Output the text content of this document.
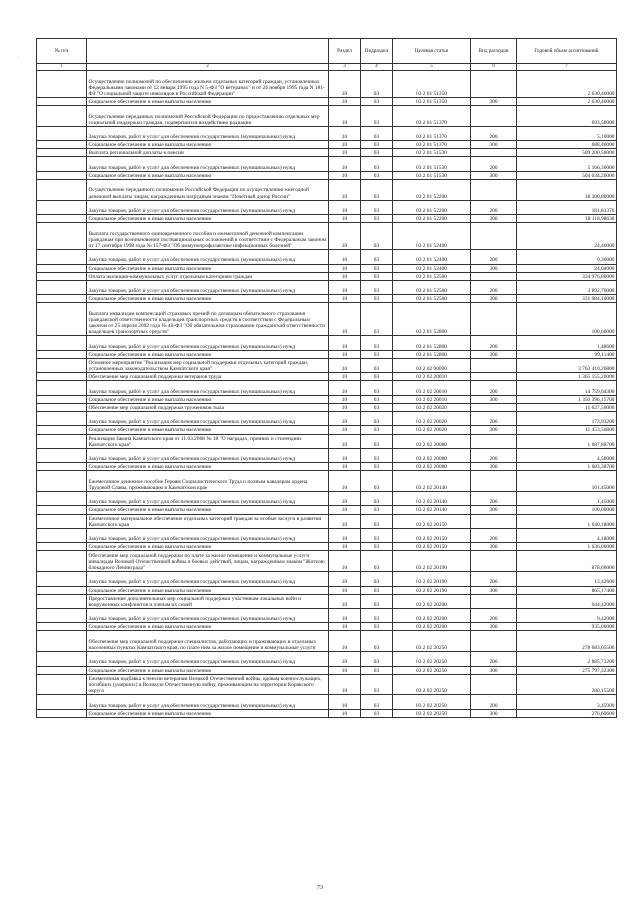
·
№ п/п		Раздел	Подраздел	Целевая статья	Вид расходов	Годовой объем ассигнований
1	2	3	4	5	6	7
	Осуществление полномочий по обеспечению жильем отдельных категорий граждан, установленных Федеральными законами от 12 января 1995 года N 5-ФЗ "О ветеранах" и от 24 ноября 1995 года N 181-ФЗ "О социальной защите инвалидов в Российской Федерации"	10	03	03 2 01 51350		2 630,40000
	Социальное обеспечение и иные выплаты населению	10	03	03 2 01 51350	300	2 630,40000
	Осуществление переданных полномочий Российской Федерации по предоставлению отдельных мер социальной поддержки граждан, подвергшихся воздействию радиации	10	03	03 2 01 51370		693,50000
	Закупка товаров, работ и услуг для обеспечения государственных (муниципальных) нужд	10	03	03 2 01 51370	200	5,10000
	Социальное обеспечение и иные выплаты населению	10	03	03 2 01 51370	300	688,40000
	Выплата региональной доплаты к пенсии	10	03	03 2 01 51530		509 200,50000
	Закупка товаров, работ и услуг для обеспечения государственных (муниципальных) нужд	10	03	03 2 01 51530	200	5 166,30000
	Социальное обеспечение и иные выплаты населению	10	03	03 2 01 51530	300	504 034,20000
	Осуществление переданного полномочия Российской Федерации по осуществлению ежегодной денежной выплаты лицам, награжденным нагрудным знаком "Почетный донор России"	10	03	03 2 01 52200		18 300,80000
	Закупка товаров, работ и услуг для обеспечения государственных (муниципальных) нужд	10	03	03 2 01 52200	200	181,81370
	Социальное обеспечение и иные выплаты населению	10	03	03 2 01 52200	300	18 118,98630
	Выплата государственного единовременного пособия и ежемесячной денежной компенсации гражданам при возникновении поствакцинальных осложнений в соответствии с Федеральным законом от 17 сентября 1998 года № 157-ФЗ "Об иммунопрофилактике инфекционных болезней"	10	03	03 2 01 52400		24,40000
	Закупка товаров, работ и услуг для обеспечения государственных (муниципальных) нужд	10	03	03 2 01 52400	200	0,36000
	Социальное обеспечение и иные выплаты населению	10	03	03 2 01 52400	300	24,04000
	Оплата жилищно-коммунальных услуг отдельным категориям граждан	10	03	03 2 01 52500		334 976,80000
	Закупка товаров, работ и услуг для обеспечения государственных (муниципальных) нужд	10	03	03 2 01 52500	200	3 892,70000
	Социальное обеспечение и иные выплаты населению	10	03	03 2 01 52500	300	331 084,10000
	Выплата инвалидам компенсаций страховых премий по договорам обязательного страхования гражданской ответственности владельцев транспортных средств в соответствии с Федеральным законом от 25 апреля 2002 года № 40-ФЗ "Об обязательном страховании гражданской ответственности владельцев транспортных средств"	10	03	03 2 01 52800		100,60000
	Закупка товаров, работ и услуг для обеспечения государственных (муниципальных) нужд	10	03	03 2 01 52800	200	1,48600
	Социальное обеспечение и иные выплаты населению	10	03	03 2 01 52800	300	99,11400
	Основное мероприятие "Реализация мер социальной поддержки отдельных категорий граждан, установленных законодательством Камчатского края"	10	03	03 2 02 00000		3 763 410,26800
	Обеспечение мер социальной поддержки ветеранов труда	10	03	03 2 02 20010		1 365 155,20000
	Закупка товаров, работ и услуг для обеспечения государственных (муниципальных) нужд	10	03	03 2 02 20010	200	14 759,04300
	Социальное обеспечение и иные выплаты населению	10	03	03 2 02 20010	300	1 350 396,15700
	Обеспечение мер социальной поддержки тружеников тыла	10	03	03 2 02 20020		11 627,50000
	Закупка товаров, работ и услуг для обеспечения государственных (муниципальных) нужд	10	03	03 2 02 20020	200	173,93200
	Социальное обеспечение и иные выплаты населению	10	03	03 2 02 20020	300	11 453,56800
	Реализация Закона Камчатского края от 11.03.2008 № 18 "О наградах, премиях и стипендиях Камчатского края"	10	03	03 2 02 20080		1 687,88700
	Закупка товаров, работ и услуг для обеспечения государственных (муниципальных) нужд	10	03	03 2 02 20080	200	4,50000
	Социальное обеспечение и иные выплаты населению	10	03	03 2 02 20080	300	1 683,38700
	Ежемесячное денежное пособие Героям Социалистического Труда и полным кавалерам ордена Трудовой Славы, проживающим в Камчатском крае	10	03	03 2 02 20140		101,45000
	Закупка товаров, работ и услуг для обеспечения государственных (муниципальных) нужд	10	03	03 2 02 20140	200	1,45000
	Социальное обеспечение и иные выплаты населению	10	03	03 2 02 20140	300	100,00000
	Ежемесячное материальное обеспечение отдельных категорий граждан за особые заслуги в развитии Камчатского края	10	03	03 2 02 20150		1 640,18000
	Закупка товаров, работ и услуг для обеспечения государственных (муниципальных) нужд	10	03	03 2 02 20150	200	4,18000
	Социальное обеспечение и иные выплаты населению	10	03	03 2 02 20150	300	1 636,00000
	Обеспечение мер социальной поддержки по плате за жилое помещение и коммунальные услуги инвалидам Великой Отечественной войны и боевых действий, лицам, награжденным знаком "Жителю блокадного Ленинграда"	10	03	03 2 02 20190		878,60000
	Закупка товаров, работ и услуг для обеспечения государственных (муниципальных) нужд	10	03	03 2 02 20190	200	13,42600
	Социальное обеспечение и иные выплаты населению	10	03	03 2 02 20190	300	865,17400
	Предоставление дополнительных мер социальной поддержки участникам локальных войн и вооруженных конфликтов и членам их семей	10	03	03 2 02 20200		944,42000
	Закупка товаров, работ и услуг для обеспечения государственных (муниципальных) нужд	10	03	03 2 02 20200	200	9,42000
	Социальное обеспечение и иные выплаты населению	10	03	03 2 02 20200	300	935,00000
	Обеспечение мер социальной поддержки специалистов, работающих и проживающих в отдельных населенных пунктах Камчатского края, по плате ним за жилое помещение и коммунальные услуги	10	03	03 2 02 20250		278 683,05500
	Закупка товаров, работ и услуг для обеспечения государственных (муниципальных) нужд	10	03	03 2 02 20250	200	2 885,73200
	Социальное обеспечение и иные выплаты населению	10	03	03 2 02 20250	300	275 797,32300
	Ежемесячная надбавка к пенсии ветеранам Великой Отечественной войны, вдовам военнослужащих, погибших (умерших) в Великую Отечественную войну, проживающим на территории Корякского округа	10	03	03 2 02 20250		280,15500
	Закупка товаров, работ и услуг для обеспечения государственных (муниципальных) нужд	10	03	03 2 02 20250	200	3,45900
	Социальное обеспечение и иные выплаты населению	10	03	03 2 02 20250	300	276,69600
73
